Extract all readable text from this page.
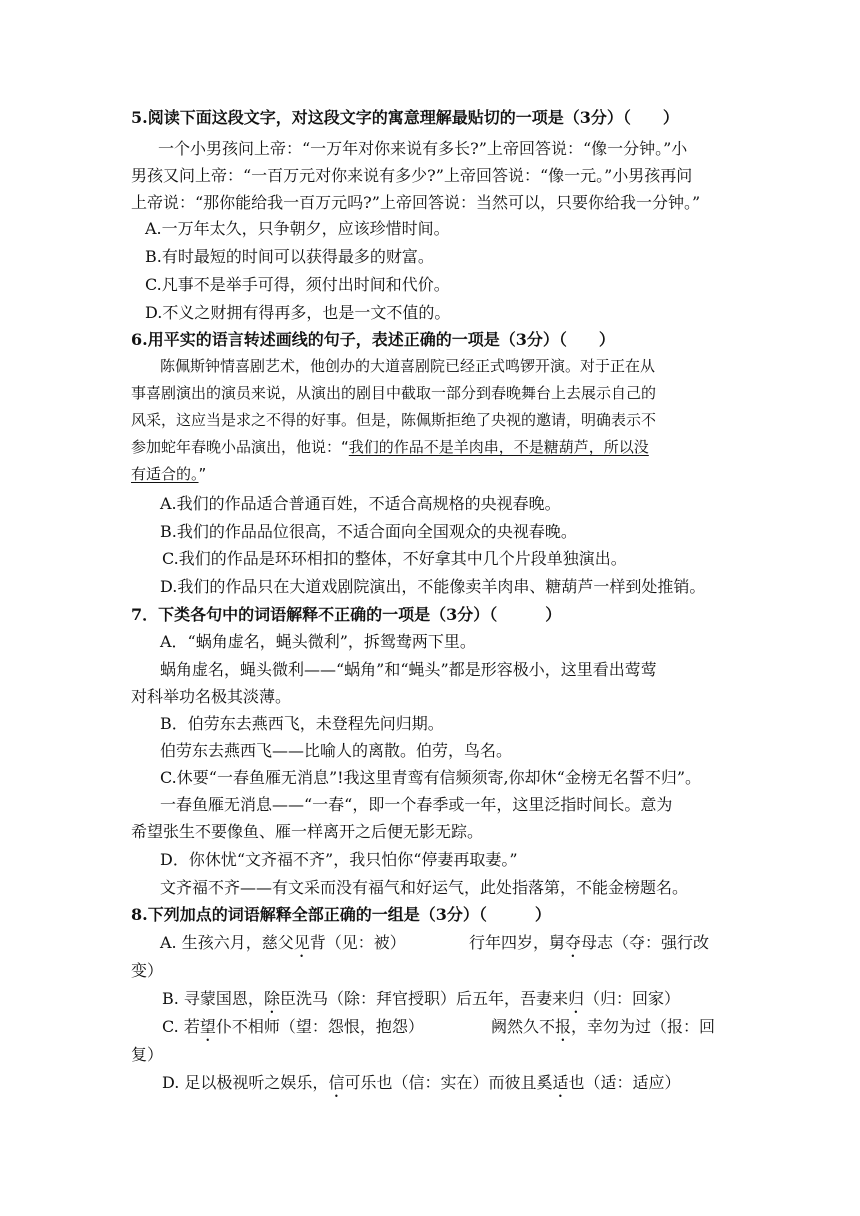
5.阅读下面这段文字，对这段文字的寓意理解最贴切的一项是（3分）（　　）
一个小男孩问上帝：“一万年对你来说有多长?”上帝回答说：“像一分钟。”小
男孩又问上帝：“一百万元对你来说有多少?”上帝回答说：“像一元。”小男孩再问
上帝说：“那你能给我一百万元吗?”上帝回答说：当然可以，只要你给我一分钟。”
A.一万年太久，只争朝夕，应该珍惜时间。
B.有时最短的时间可以获得最多的财富。
C.凡事不是举手可得，须付出时间和代价。
D.不义之财拥有得再多，也是一文不值的。
6.用平实的语言转述画线的句子，表述正确的一项是（3分）（　　）
陈佩斯钟情喜剧艺术，他创办的大道喜剧院已经正式鸣锣开演。对于正在从
事喜剧演出的演员来说，从演出的剧目中截取一部分到春晚舞台上去展示自己的
风采，这应当是求之不得的好事。但是，陈佩斯拒绝了央视的邀请，明确表示不
参加蛇年春晚小品演出，他说：“我们的作品不是羊肉串，不是糖葫芦，所以没
有适合的。”
A.我们的作品适合普通百姓，不适合高规格的央视春晚。
B.我们的作品品位很高，不适合面向全国观众的央视春晚。
C.我们的作品是环环相扣的整体，不好拿其中几个片段单独演出。
D.我们的作品只在大道戏剧院演出，不能像卖羊肉串、糖葫芦一样到处推销。
7．下类各句中的词语解释不正确的一项是（3分）（　　　）
A．“蜗角虚名，蝇头微利”，拆鸳鸯两下里。
蜗角虚名，蝇头微利——“蜗角”和“蝇头”都是形容极小，这里看出莺莺
对科举功名极其淡薄。
B．伯劳东去燕西飞，未登程先问归期。
伯劳东去燕西飞——比喻人的离散。伯劳，鸟名。
C.休要“一春鱼雁无消息”!我这里青鸾有信频须寄,你却休“金榜无名誓不归”。
一春鱼雁无消息——“一春“，即一个春季或一年，这里泛指时间长。意为
希望张生不要像鱼、雁一样离开之后便无影无踪。
D．你休忧“文齐福不齐”，我只怕你“停妻再取妻。”
文齐福不齐——有文采而没有福气和好运气，此处指落第，不能金榜题名。
8.下列加点的词语解释全部正确的一组是（3分）（　　　）
A. 生孩六月，慈父见背（见：被）	行年四岁，舅夺母志（夺：强行改
变）
B. 寻蒙国恩，除臣洗马（除：拜官授职）后五年，吾妻来归（归：回家）
C. 若望仆不相师（望：怨恨，抱怨）	阙然久不报，幸勿为过（报：回
复）
D. 足以极视听之娱乐，信可乐也（信：实在）而彼且奚适也（适：适应）
